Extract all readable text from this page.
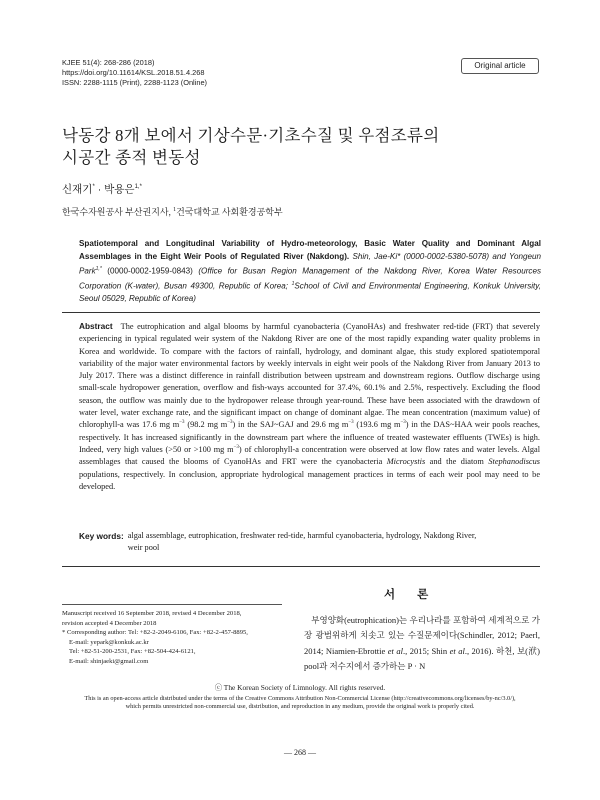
KJEE 51(4): 268-286 (2018)
https://doi.org/10.11614/KSL.2018.51.4.268
ISSN: 2288-1115 (Print), 2288-1123 (Online)
Original article
낙동강 8개 보에서 기상수문·기초수질 및 우점조류의
시공간 종적 변동성
신재기* · 박용은$^{1,*}$
한국수자원공사 부산권지사, $^1$건국대학교 사회환경공학부
Spatiotemporal and Longitudinal Variability of Hydro-meteorology, Basic Water Quality and Dominant Algal Assemblages in the Eight Weir Pools of Regulated River (Nakdong). Shin, Jae-Ki* (0000-0002-5380-5078) and Yongeun Park$^{1,*}$ (0000-0002-1959-0843) (Office for Busan Region Management of the Nakdong River, Korea Water Resources Corporation (K-water), Busan 49300, Republic of Korea; $^1$School of Civil and Environmental Engineering, Konkuk University, Seoul 05029, Republic of Korea)
Abstract The eutrophication and algal blooms by harmful cyanobacteria (CyanoHAs) and freshwater red-tide (FRT) that severely experiencing in typical regulated weir system of the Nakdong River are one of the most rapidly expanding water quality problems in Korea and worldwide. To compare with the factors of rainfall, hydrology, and dominant algae, this study explored spatiotemporal variability of the major water environmental factors by weekly intervals in eight weir pools of the Nakdong River from January 2013 to July 2017. There was a distinct difference in rainfall distribution between upstream and downstream regions. Outflow discharge using small-scale hydropower generation, overflow and fish-ways accounted for 37.4%, 60.1% and 2.5%, respectively. Excluding the flood season, the outflow was mainly due to the hydropower release through year-round. These have been associated with the drawdown of water level, water exchange rate, and the significant impact on change of dominant algae. The mean concentration (maximum value) of chlorophyll-a was 17.6 mg $m^{-3}$ (98.2 mg $m^{-3}$) in the SAJ~GAJ and 29.6 mg $m^{-3}$ (193.6 mg $m^{-3}$) in the DAS~HAA weir pools reaches, respectively. It has increased significantly in the downstream part where the influence of treated wastewater effluents (TWEs) is high. Indeed, very high values (>50 or >100 mg $m^{-3}$) of chlorophyll-a concentration were observed at low flow rates and water levels. Algal assemblages that caused the blooms of CyanoHAs and FRT were the cyanobacteria Microcystis and the diatom Stephanodiscus populations, respectively. In conclusion, appropriate hydrological management practices in terms of each weir pool may need to be developed.
Key words: algal assemblage, eutrophication, freshwater red-tide, harmful cyanobacteria, hydrology, Nakdong River, weir pool
서론
Manuscript received 16 September 2018, revised 4 December 2018,
revision accepted 4 December 2018
* Corresponding author: Tel: +82-2-2049-6106, Fax: +82-2-457-8895,
E-mail: yepark@konkuk.ac.kr
Tel: +82-51-200-2531, Fax: +82-504-424-6121,
E-mail: shinjaeki@gmail.com
부영양화(eutrophication)는 우리나라를 포함하여 세계적으로 가장 광범위하게 치솟고 있는 수질문제이다(Schindler, 2012; Paerl, 2014; Niamien-Ebrottie et al., 2015; Shin et al., 2016). 하천, 보(洑) pool과 저수지에서 증가하는 P · N
ⓒ The Korean Society of Limnology. All rights reserved.
This is an open-access article distributed under the terms of the Creative Commons Attribution Non-Commercial License (http://creativecommons.org/licenses/by-nc/3.0/),
which permits unrestricted non-commercial use, distribution, and reproduction in any medium, provide the original work is properly cited.
— 268 —
